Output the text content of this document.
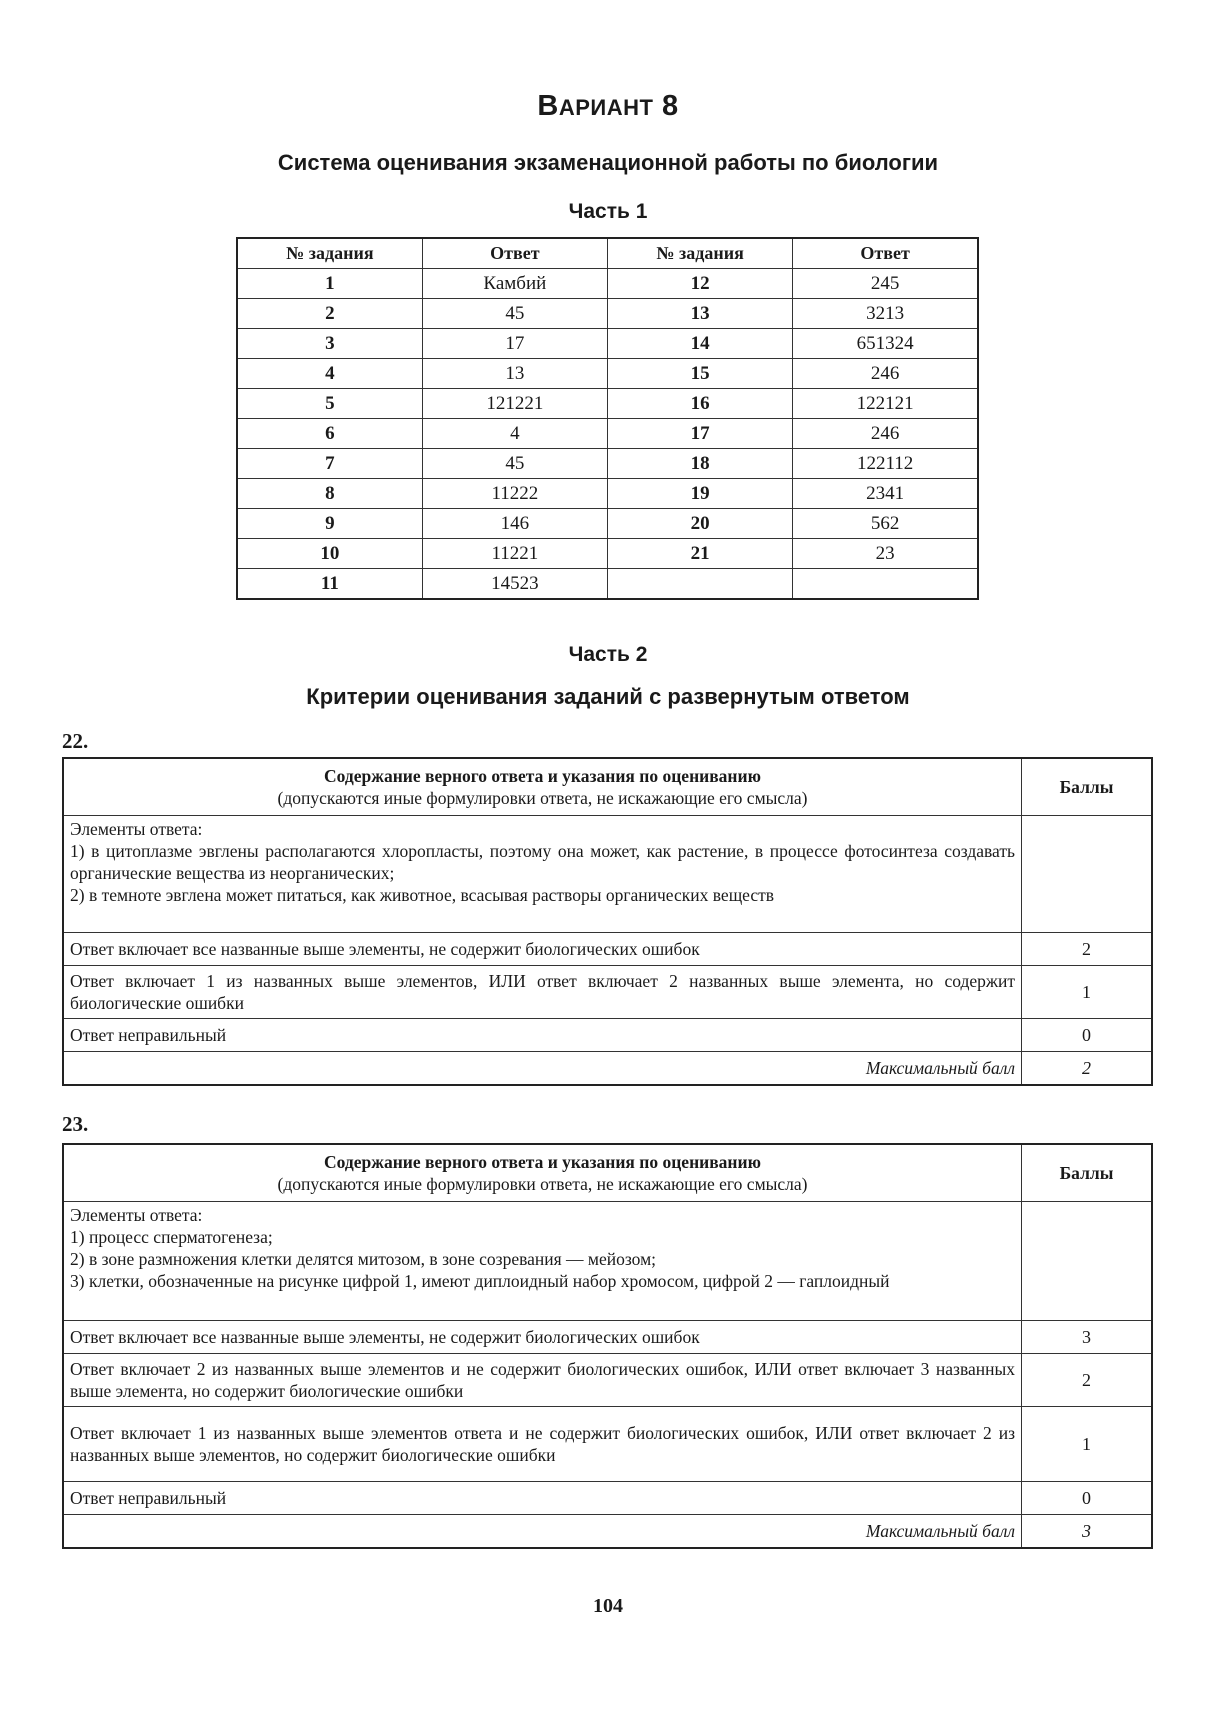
ВАРИАНТ 8
Система оценивания экзаменационной работы по биологии
Часть 1
№ задания	Ответ	№ задания	Ответ
1	Камбий	12	245
2	45	13	3213
3	17	14	651324
4	13	15	246
5	121221	16	122121
6	4	17	246
7	45	18	122112
8	11222	19	2341
9	146	20	562
10	11221	21	23
11	14523		
Часть 2
Критерии оценивания заданий с развернутым ответом
22.
Содержание верного ответа и указания по оцениванию
(допускаются иные формулировки ответа, не искажающие его смысла)	Баллы

Элементы ответа:
1) в цитоплазме эвглены располагаются хлоропласты, поэтому она может, как растение, в процессе фотосинтеза создавать органические вещества из неорганических;
2) в темноте эвглена может питаться, как животное, всасывая растворы органических веществ	

Ответ включает все названные выше элементы, не содержит биологических ошибок	2
Ответ включает 1 из названных выше элементов, ИЛИ ответ включает 2 названных выше элемента, но содержит биологические ошибки	1
Ответ неправильный	0
Максимальный балл	2
23.
Содержание верного ответа и указания по оцениванию
(допускаются иные формулировки ответа, не искажающие его смысла)	Баллы

Элементы ответа:
1) процесс сперматогенеза;
2) в зоне размножения клетки делятся митозом, в зоне созревания — мейозом;
3) клетки, обозначенные на рисунке цифрой 1, имеют диплоидный набор хромосом, цифрой 2 — гаплоидный	

Ответ включает все названные выше элементы, не содержит биологических ошибок	3
Ответ включает 2 из названных выше элементов и не содержит биологических ошибок, ИЛИ ответ включает 3 названных выше элемента, но содержит биологические ошибки	2
Ответ включает 1 из названных выше элементов ответа и не содержит биологических ошибок, ИЛИ ответ включает 2 из названных выше элементов, но содержит биологические ошибки	1
Ответ неправильный	0
Максимальный балл	3
104
